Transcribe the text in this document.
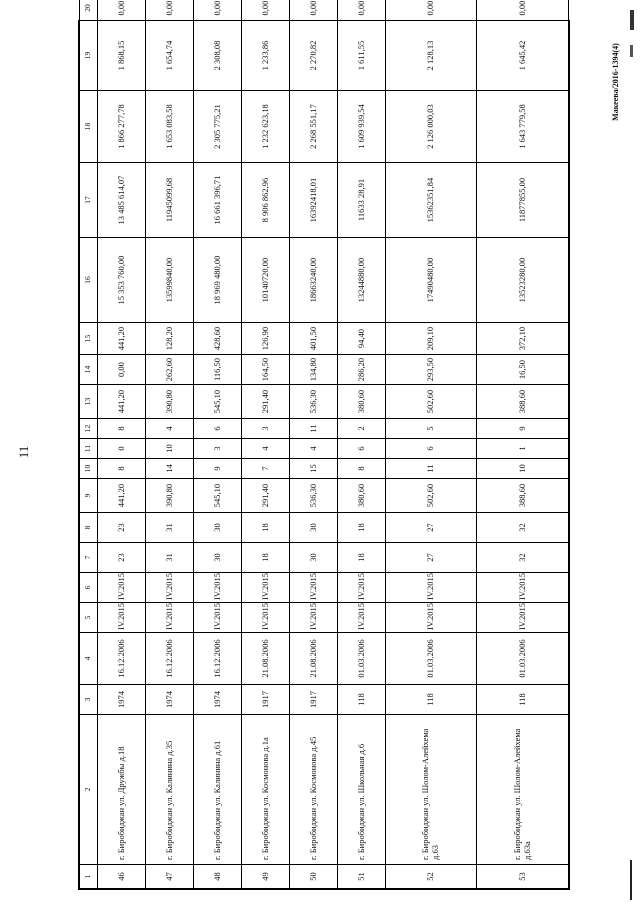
11
Макеева/2016-1394(4)
1	2	3	4	5	6	7	8	9	10	11	12	13	14	15	16	17	18	19	20	
46	г. Биробиджан ул. Дружбы д.18	1974	16.12.2006	IV.2015	IV.2015	23	23	441,20	8	0	8	441,20	0,00	441,20	15 353 760,00	13 485 614,07	1 866 277,78	1 868,15	0,00	
47	г. Биробиджан ул. Калинина д.35	1974	16.12.2006	IV.2015	IV.2015	31	31	390,80	14	10	4	390,80	262,60	128,20	13599840,00	11945099,68	1 653 083,58	1 654,74	0,00	
48	г. Биробиджан ул. Калинина д.61	1974	16.12.2006	IV.2015	IV.2015	30	30	545,10	9	3	6	545,10	116,50	428,60	18 969 480,00	16 661 396,71	2 305 775,21	2 308,08	0,00	
49	г. Биробиджан ул. Космонова д.1а	1917	21.08.2006	IV.2015	IV.2015	18	18	291,40	7	4	3	291,40	164,50	126,90	10140720,00	8 906 862,96	1 232 623,18	1 233,86	0,00	
50	г. Биробиджан ул. Космонова д.45	1917	21.08.2006	IV.2015	IV.2015	30	30	536,30	15	4	11	536,30	134,80	401,50	18663240,00	16392418,01	2 268 551,17	2 270,82	0,00	
51	г. Биробиджан ул. Школьная д.6	118	01.03.2006	IV.2015	IV.2015	18	18	380,60	8	6	2	380,60	286,20	94,40	13244880,00	11633 28,91	1 609 939,54	1 611,55	0,00	
52	г. Биробиджан ул. Шолом-Алейхема д.63	118	01.03.2006	IV.2015	IV.2015	27	27	502,60	11	6	5	502,60	293,50	209,10	17490480,00	15362351,84	2 126 000,03	2 128,13	0,00	
53	г. Биробиджан ул. Шолом-Алейхема д.63а	118	01.03.2006	IV.2015	IV.2015	32	32	388,60	10	1	9	388,60	16,50	372,10	13523280,00	11877855,00	1 643 779,58	1 645,42	0,00	
